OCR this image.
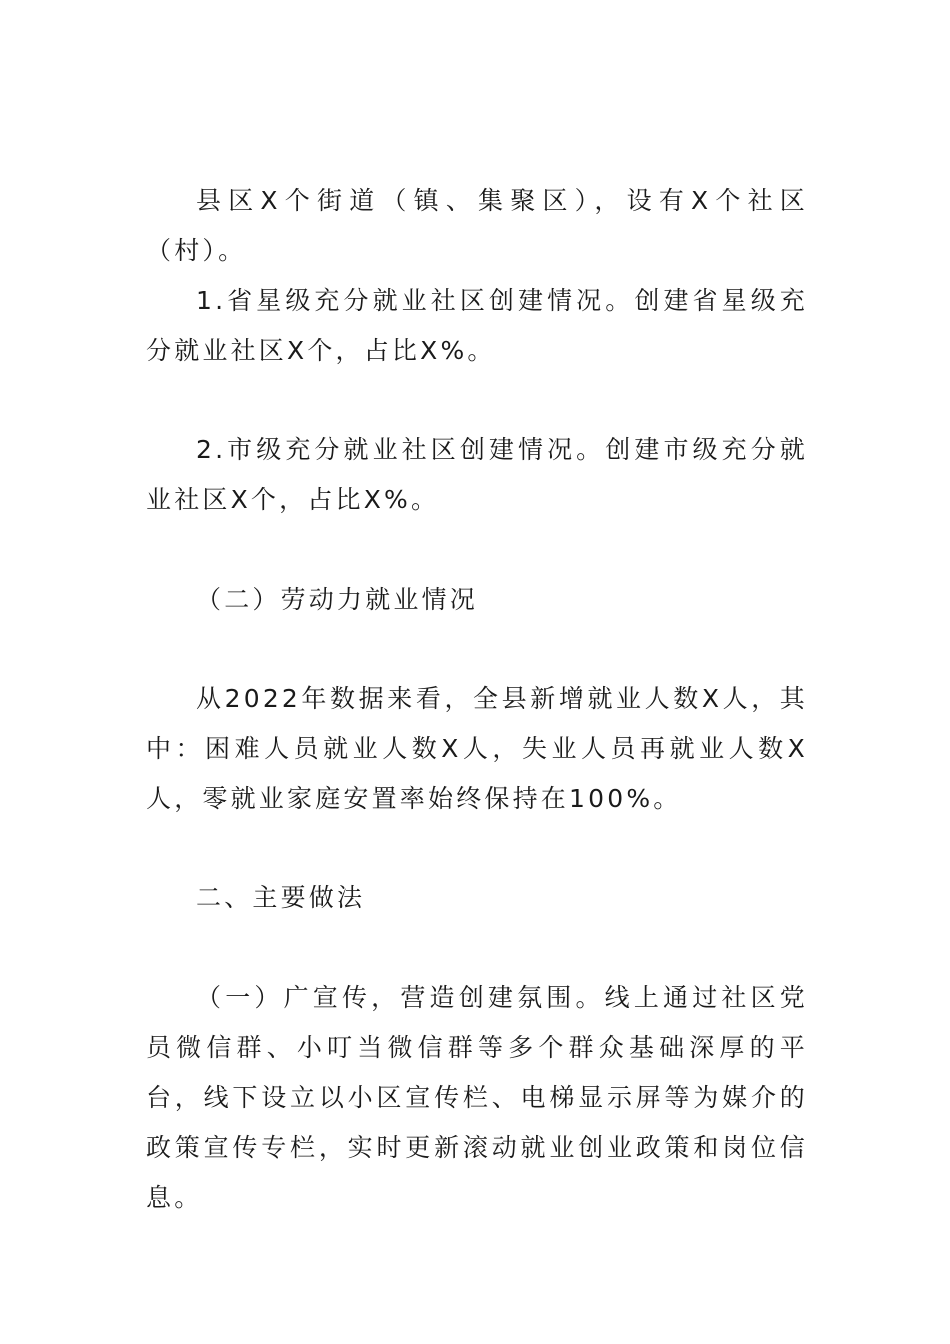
县区X个街道（镇、集聚区），设有X个社区（村）。

1.省星级充分就业社区创建情况。创建省星级充分就业社区X个，占比X%。

2.市级充分就业社区创建情况。创建市级充分就业社区X个，占比X%。

（二）劳动力就业情况

从2022年数据来看，全县新增就业人数X人，其中：困难人员就业人数X人，失业人员再就业人数X人，零就业家庭安置率始终保持在100%。

二、主要做法

（一）广宣传，营造创建氛围。线上通过社区党员微信群、小叮当微信群等多个群众基础深厚的平台，线下设立以小区宣传栏、电梯显示屏等为媒介的政策宣传专栏，实时更新滚动就业创业政策和岗位信息。
